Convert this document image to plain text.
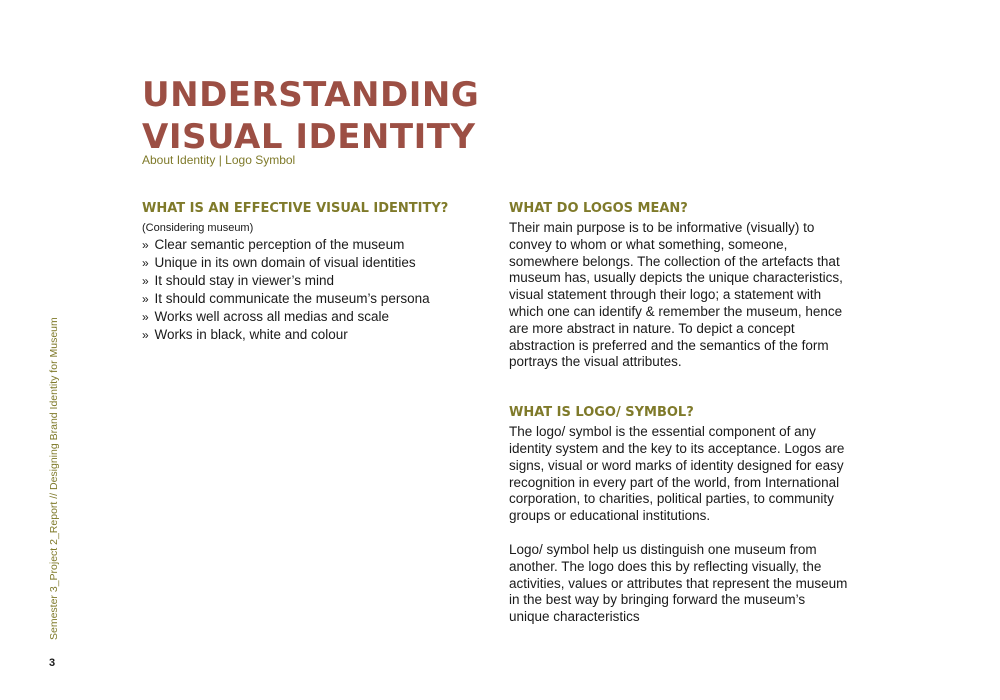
UNDERSTANDING
VISUAL IDENTITY
About Identity | Logo Symbol
WHAT IS AN EFFECTIVE VISUAL IDENTITY?

(Considering museum)

» Clear semantic perception of the museum
» Unique in its own domain of visual identities
» It should stay in viewer’s mind
» It should communicate the museum’s persona
» Works well across all medias and scale
» Works in black, white and colour
WHAT DO LOGOS MEAN?

Their main purpose is to be informative (visually) to convey to whom or what something, someone, somewhere belongs. The collection of the artefacts that museum has, usually depicts the unique characteristics, visual statement through their logo; a statement with which one can identify & remember the museum, hence are more abstract in nature. To depict a concept abstraction is preferred and the semantics of the form portrays the visual attributes.

WHAT IS LOGO/ SYMBOL?

The logo/ symbol is the essential component of any identity system and the key to its acceptance. Logos are signs, visual or word marks of identity designed for easy recognition in every part of the world, from International corporation, to charities, political parties, to community groups or educational institutions.

Logo/ symbol help us distinguish one museum from another. The logo does this by reflecting visually, the activities, values or attributes that represent the museum in the best way by bringing forward the museum’s unique characteristics

Semester 3_Project 2_Report // Designing Brand Identity for Museum
3
